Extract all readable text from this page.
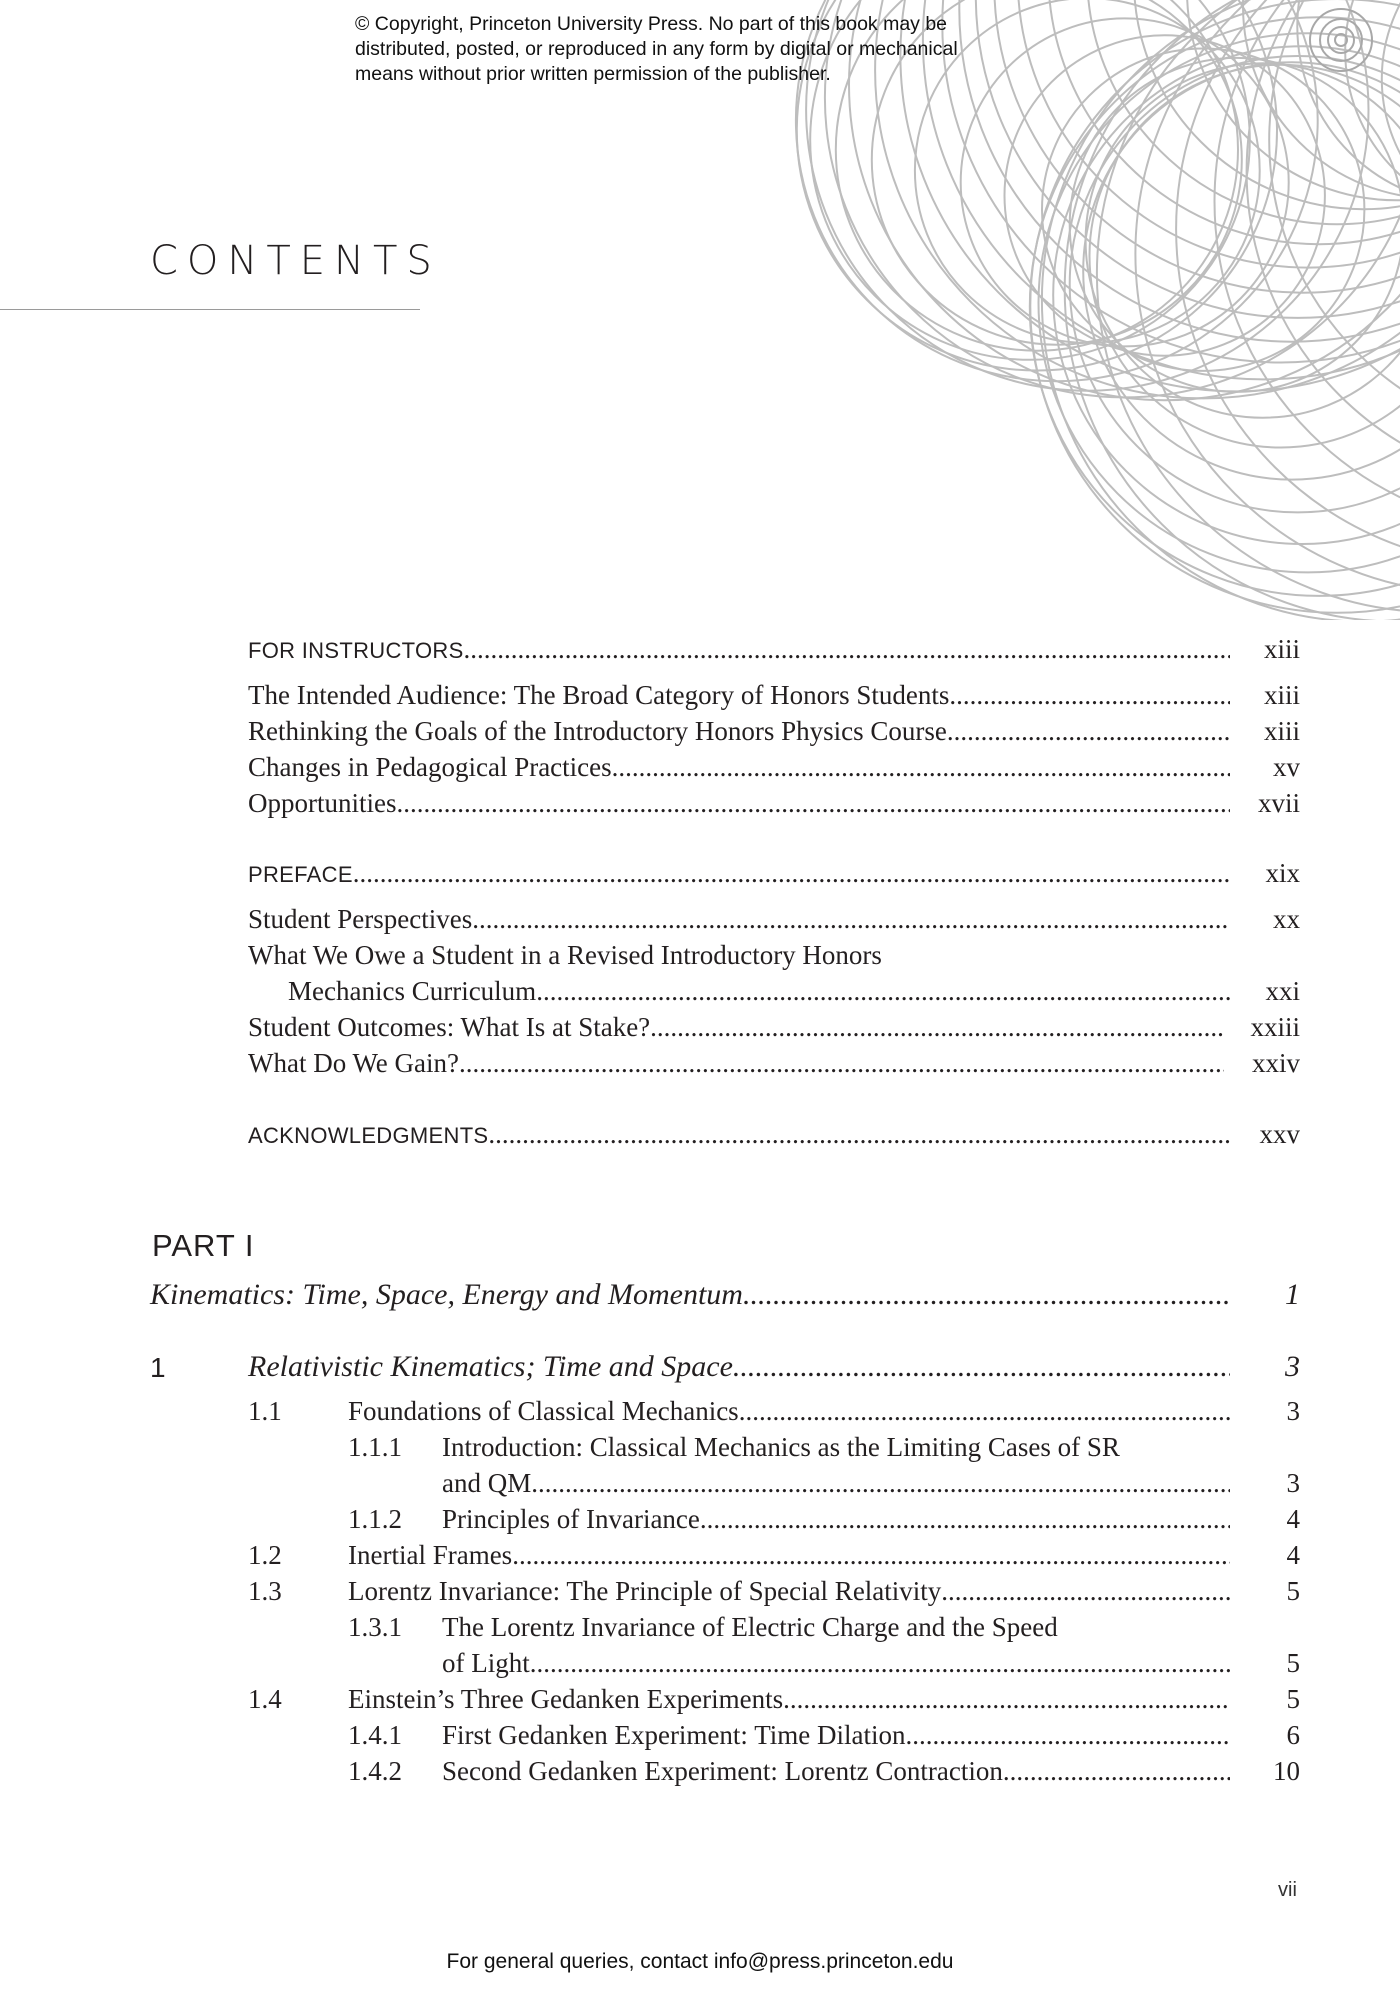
© Copyright, Princeton University Press. No part of this book may be
distributed, posted, or reproduced in any form by digital or mechanical
means without prior written permission of the publisher.
CONTENTS
FOR INSTRUCTORS .....	xiii
The Intended Audience: The Broad Category of Honors Students .....	xiii
Rethinking the Goals of the Introductory Honors Physics Course .....	xiii
Changes in Pedagogical Practices .....	xv
Opportunities .....	xvii
PREFACE .....	xix
Student Perspectives .....	xx
What We Owe a Student in a Revised Introductory Honors
Mechanics Curriculum .....	xxi
Student Outcomes: What Is at Stake? .....	xxiii
What Do We Gain? .....	xxiv
ACKNOWLEDGMENTS .....	xxv
PART I
Kinematics: Time, Space, Energy and Momentum .....	1
1	Relativistic Kinematics; Time and Space .....	3
1.1	Foundations of Classical Mechanics .....	3
1.1.1	Introduction: Classical Mechanics as the Limiting Cases of SR
and QM .....	3
1.1.2	Principles of Invariance .....	4
1.2	Inertial Frames .....	4
1.3	Lorentz Invariance: The Principle of Special Relativity .....	5
1.3.1	The Lorentz Invariance of Electric Charge and the Speed
of Light .....	5
1.4	Einstein’s Three Gedanken Experiments .....	5
1.4.1	First Gedanken Experiment: Time Dilation .....	6
1.4.2	Second Gedanken Experiment: Lorentz Contraction .....	10
vii
For general queries, contact info@press.princeton.edu
